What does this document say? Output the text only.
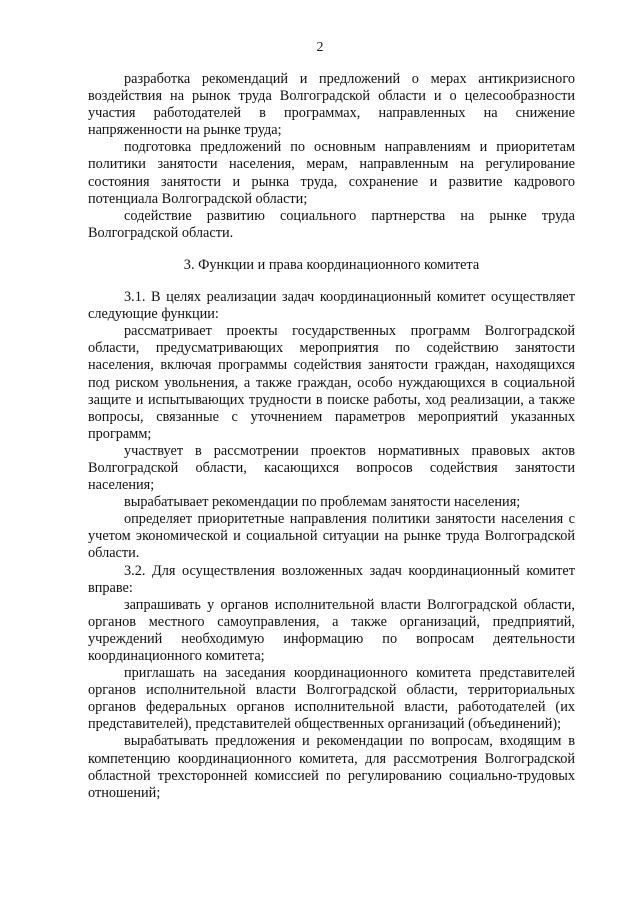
2

разработка рекомендаций и предложений о мерах антикризисного воздействия на рынок труда Волгоградской области и о целесообразности участия работодателей в программах, направленных на снижение напряженности на рынке труда;

подготовка предложений по основным направлениям и приоритетам политики занятости населения, мерам, направленным на регулирование состояния занятости и рынка труда, сохранение и развитие кадрового потенциала Волгоградской области;

содействие развитию социального партнерства на рынке труда Волгоградской области.

3. Функции и права координационного комитета

3.1. В целях реализации задач координационный комитет осуществляет следующие функции:

рассматривает проекты государственных программ Волгоградской области, предусматривающих мероприятия по содействию занятости населения, включая программы содействия занятости граждан, находящихся под риском увольнения, а также граждан, особо нуждающихся в социальной защите и испытывающих трудности в поиске работы, ход реализации, а также вопросы, связанные с уточнением параметров мероприятий указанных программ;

участвует в рассмотрении проектов нормативных правовых актов Волгоградской области, касающихся вопросов содействия занятости населения;

вырабатывает рекомендации по проблемам занятости населения;

определяет приоритетные направления политики занятости населения с учетом экономической и социальной ситуации на рынке труда Волгоградской области.

3.2. Для осуществления возложенных задач координационный комитет вправе:

запрашивать у органов исполнительной власти Волгоградской области, органов местного самоуправления, а также организаций, предприятий, учреждений необходимую информацию по вопросам деятельности координационного комитета;

приглашать на заседания координационного комитета представителей органов исполнительной власти Волгоградской области, территориальных органов федеральных органов исполнительной власти, работодателей (их представителей), представителей общественных организаций (объединений);

вырабатывать предложения и рекомендации по вопросам, входящим в компетенцию координационного комитета, для рассмотрения Волгоградской областной трехсторонней комиссией по регулированию социально-трудовых отношений;
